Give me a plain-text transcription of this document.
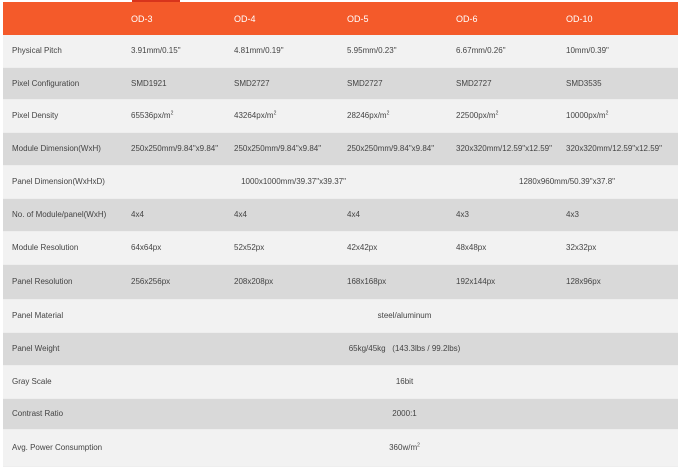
	OD-3	OD-4	OD-5	OD-6	OD-10
Physical Pitch	3.91mm/0.15"	4.81mm/0.19"	5.95mm/0.23"	6.67mm/0.26"	10mm/0.39"
Pixel Configuration	SMD1921	SMD2727	SMD2727	SMD2727	SMD3535
Pixel Density	$65536px/m^2$	$43264px/m^2$	$28246px/m^2$	$22500px/m^2$	$10000px/m^2$
Module Dimension(WxH)	250x250mm/9.84"x9.84"	250x250mm/9.84"x9.84"	250x250mm/9.84"x9.84"	320x320mm/12.59"x12.59"	320x320mm/12.59"x12.59"
Panel Dimension(WxHxD)	1000x1000mm/39.37"x39.37"			1280x960mm/50.39"x37.8"	
No. of Module/panel(WxH)	4x4	4x4	4x4	4x3	4x3
Module Resolution	64x64px	52x52px	42x42px	48x48px	32x32px
Panel Resolution	256x256px	208x208px	168x168px	192x144px	128x96px
Panel Material	steel/aluminum				
Panel Weight	65kg/45kg   (143.3lbs / 99.2lbs)				
Gray Scale	16bit				
Contrast Ratio	2000:1				
Avg. Power Consumption	$360w/m^2$
